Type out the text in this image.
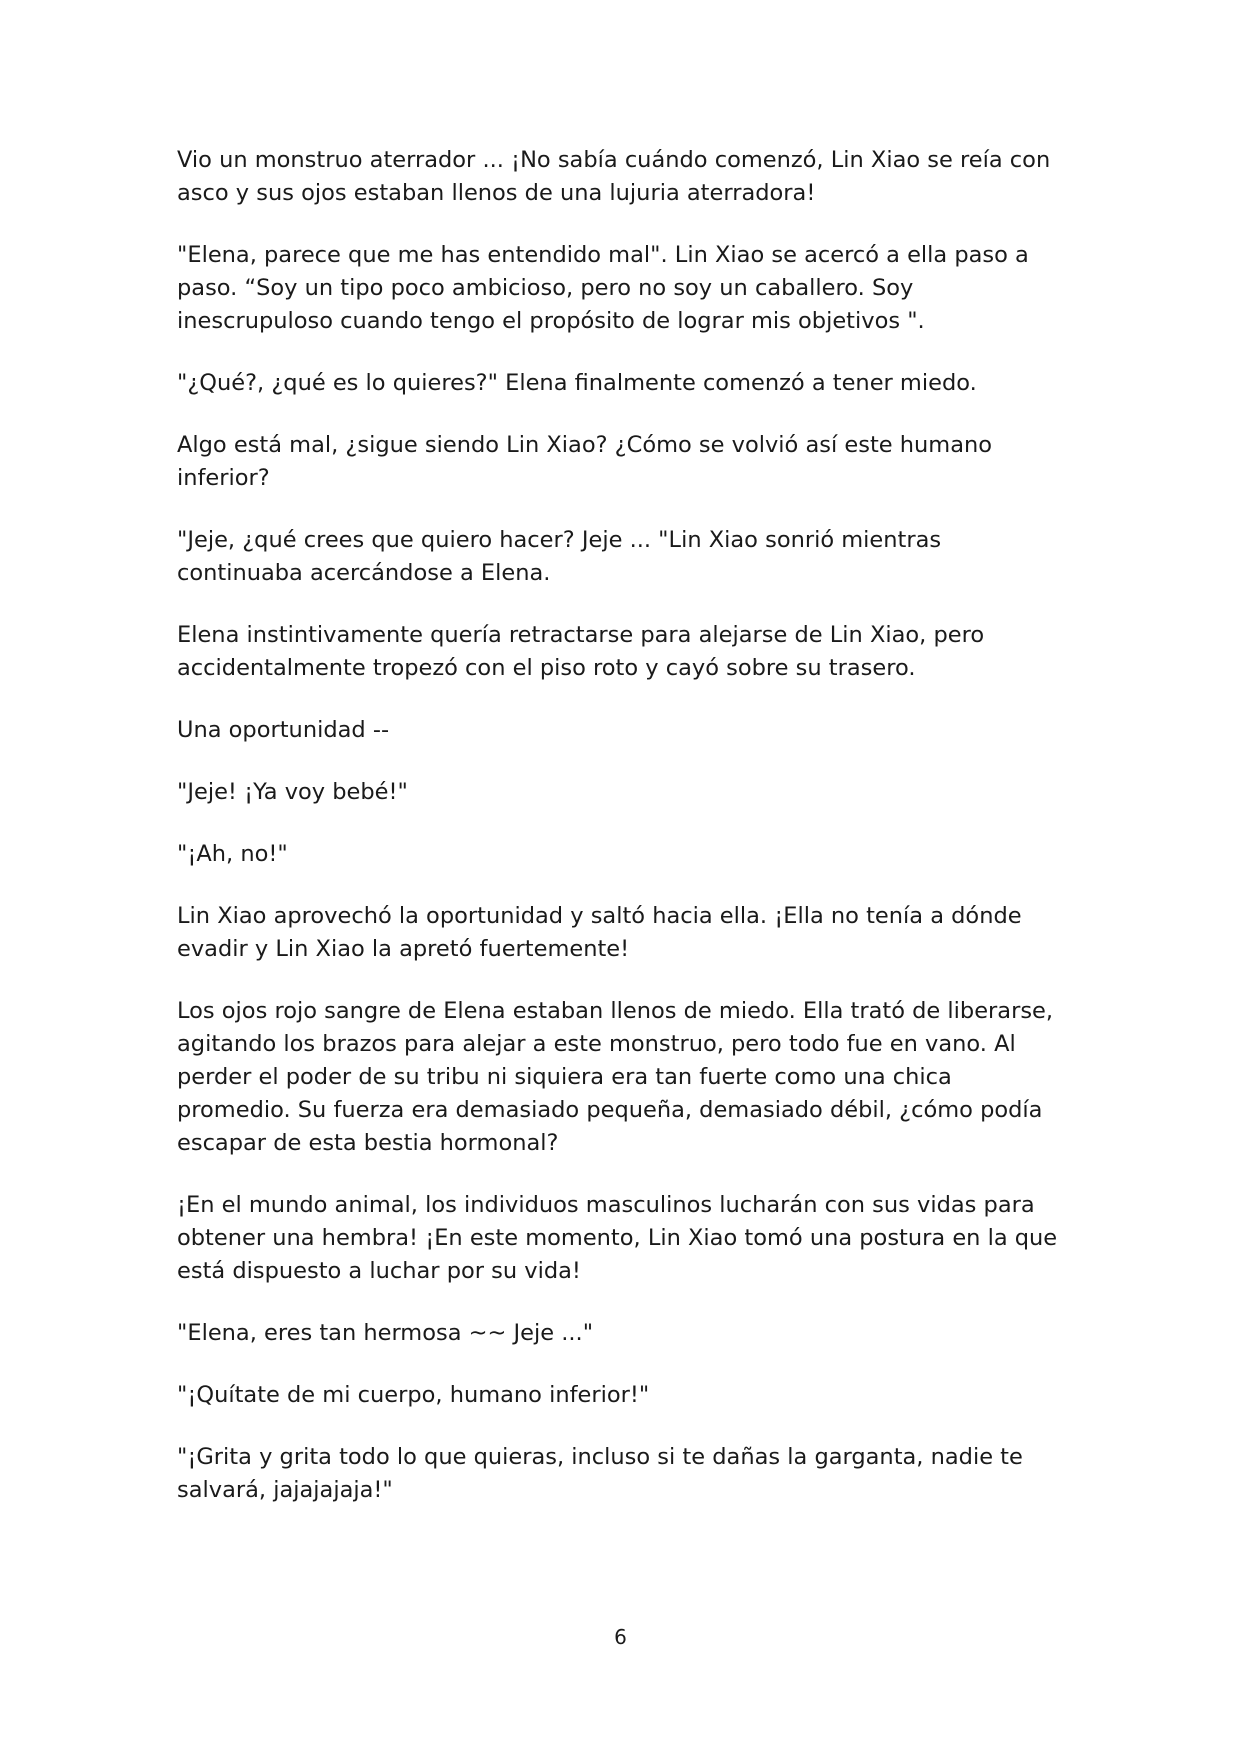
Vio un monstruo aterrador ... ¡No sabía cuándo comenzó, Lin Xiao se reía con asco y sus ojos estaban llenos de una lujuria aterradora!

"Elena, parece que me has entendido mal". Lin Xiao se acercó a ella paso a paso. “Soy un tipo poco ambicioso, pero no soy un caballero. Soy inescrupuloso cuando tengo el propósito de lograr mis objetivos ".

"¿Qué?, ¿qué es lo quieres?" Elena finalmente comenzó a tener miedo.

Algo está mal, ¿sigue siendo Lin Xiao? ¿Cómo se volvió así este humano inferior?

"Jeje, ¿qué crees que quiero hacer? Jeje ... "Lin Xiao sonrió mientras continuaba acercándose a Elena.

Elena instintivamente quería retractarse para alejarse de Lin Xiao, pero accidentalmente tropezó con el piso roto y cayó sobre su trasero.

Una oportunidad --

"Jeje! ¡Ya voy bebé!"

"¡Ah, no!"

Lin Xiao aprovechó la oportunidad y saltó hacia ella. ¡Ella no tenía a dónde evadir y Lin Xiao la apretó fuertemente!

Los ojos rojo sangre de Elena estaban llenos de miedo. Ella trató de liberarse, agitando los brazos para alejar a este monstruo, pero todo fue en vano. Al perder el poder de su tribu ni siquiera era tan fuerte como una chica promedio. Su fuerza era demasiado pequeña, demasiado débil, ¿cómo podía escapar de esta bestia hormonal?

¡En el mundo animal, los individuos masculinos lucharán con sus vidas para obtener una hembra! ¡En este momento, Lin Xiao tomó una postura en la que está dispuesto a luchar por su vida!

"Elena, eres tan hermosa ~~ Jeje ..."

"¡Quítate de mi cuerpo, humano inferior!"

"¡Grita y grita todo lo que quieras, incluso si te dañas la garganta, nadie te salvará, jajajajaja!"

6
